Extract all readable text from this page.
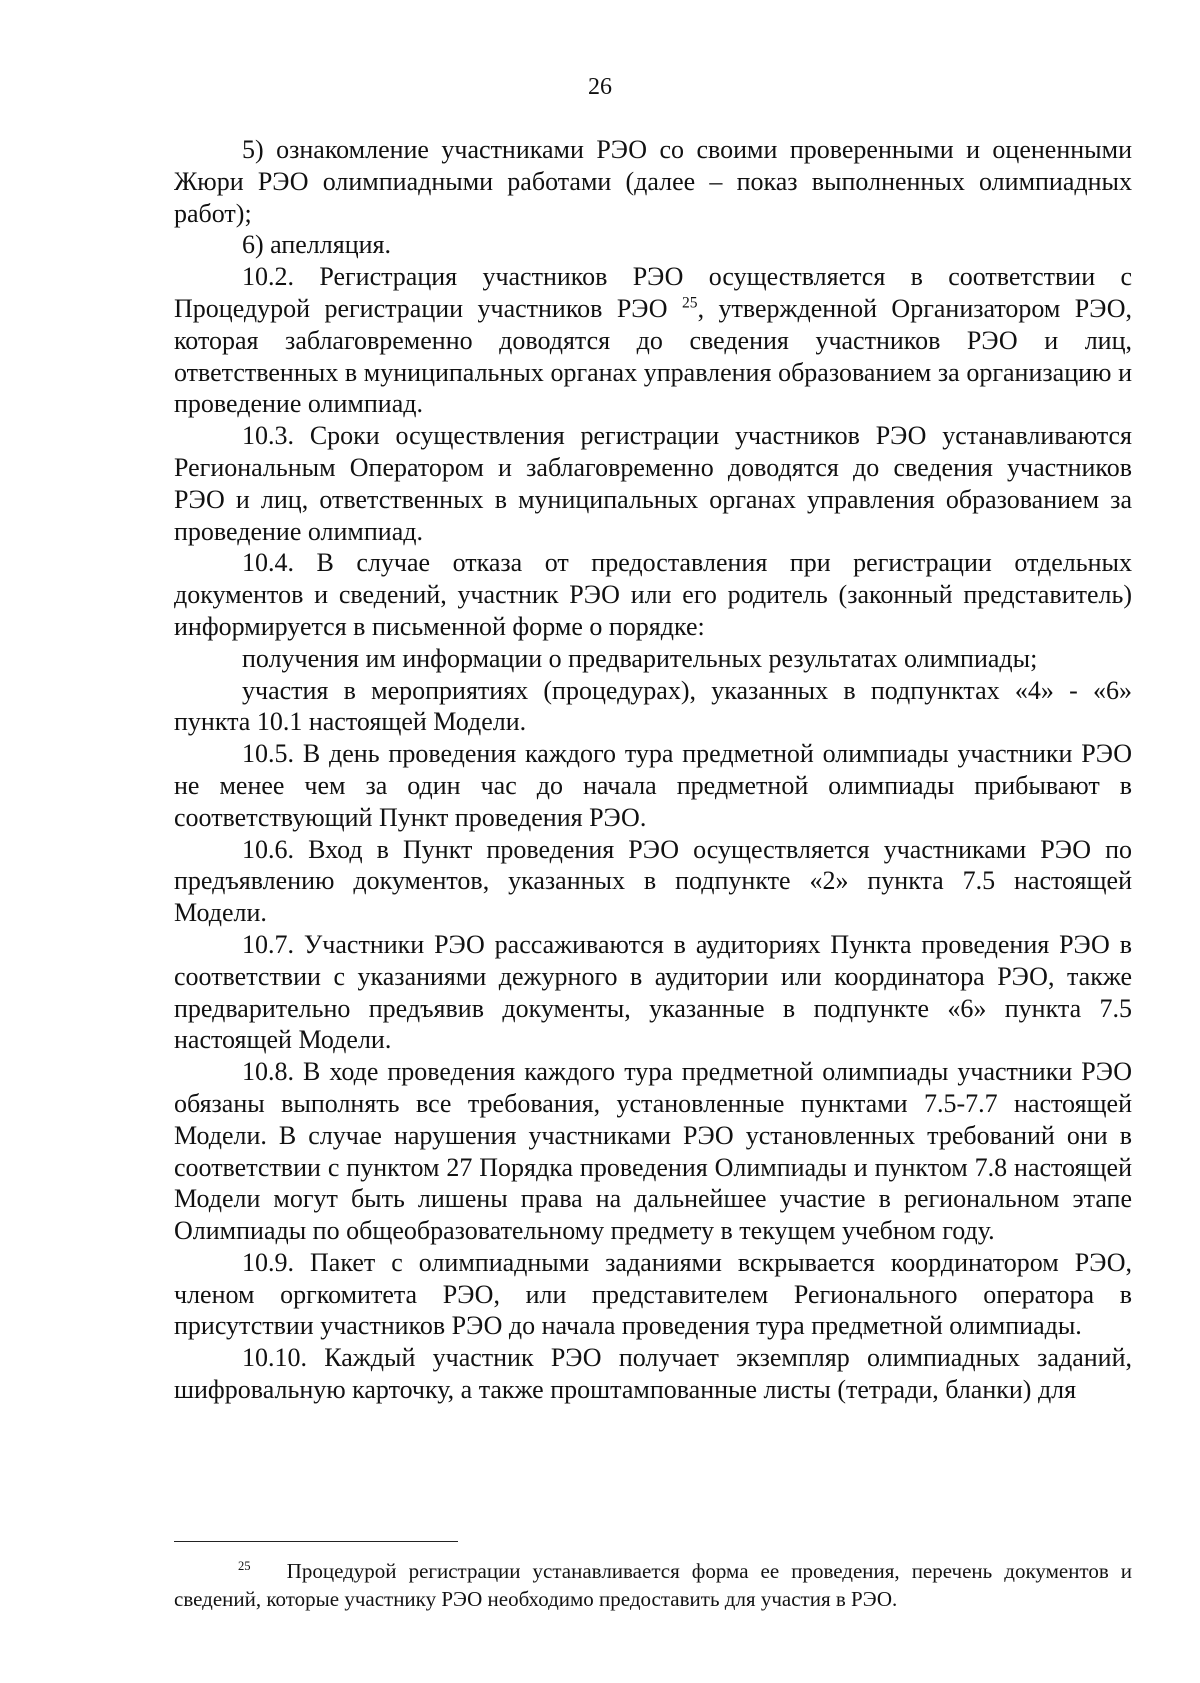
26

5) ознакомление участниками РЭО со своими проверенными и оцененными Жюри РЭО олимпиадными работами (далее – показ выполненных олимпиадных работ);

6) апелляция.

10.2. Регистрация участников РЭО осуществляется в соответствии с Процедурой регистрации участников РЭО $^{25}$, утвержденной Организатором РЭО, которая заблаговременно доводятся до сведения участников РЭО и лиц, ответственных в муниципальных органах управления образованием за организацию и проведение олимпиад.

10.3. Сроки осуществления регистрации участников РЭО устанавливаются Региональным Оператором и заблаговременно доводятся до сведения участников РЭО и лиц, ответственных в муниципальных органах управления образованием за проведение олимпиад.

10.4. В случае отказа от предоставления при регистрации отдельных документов и сведений, участник РЭО или его родитель (законный представитель) информируется в письменной форме о порядке:

получения им информации о предварительных результатах олимпиады;

участия в мероприятиях (процедурах), указанных в подпунктах «4» - «6» пункта 10.1 настоящей Модели.

10.5. В день проведения каждого тура предметной олимпиады участники РЭО не менее чем за один час до начала предметной олимпиады прибывают в соответствующий Пункт проведения РЭО.

10.6. Вход в Пункт проведения РЭО осуществляется участниками РЭО по предъявлению документов, указанных в подпункте «2» пункта 7.5 настоящей Модели.

10.7. Участники РЭО рассаживаются в аудиториях Пункта проведения РЭО в соответствии с указаниями дежурного в аудитории или координатора РЭО, также предварительно предъявив документы, указанные в подпункте «6» пункта 7.5 настоящей Модели.

10.8. В ходе проведения каждого тура предметной олимпиады участники РЭО обязаны выполнять все требования, установленные пунктами 7.5-7.7 настоящей Модели. В случае нарушения участниками РЭО установленных требований они в соответствии с пунктом 27 Порядка проведения Олимпиады и пунктом 7.8 настоящей Модели могут быть лишены права на дальнейшее участие в региональном этапе Олимпиады по общеобразовательному предмету в текущем учебном году.

10.9. Пакет с олимпиадными заданиями вскрывается координатором РЭО, членом оргкомитета РЭО, или представителем Регионального оператора в присутствии участников РЭО до начала проведения тура предметной олимпиады.

10.10. Каждый участник РЭО получает экземпляр олимпиадных заданий, шифровальную карточку, а также проштампованные листы (тетради, бланки) для

$^{25}$ Процедурой регистрации устанавливается форма ее проведения, перечень документов и сведений, которые участнику РЭО необходимо предоставить для участия в РЭО.
